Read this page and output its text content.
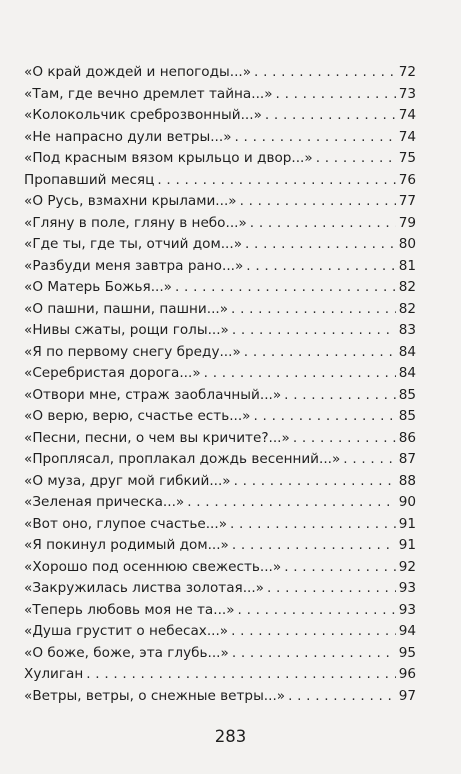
«О край дождей и непогоды...» . . .	72
«Там, где вечно дремлет тайна...» . . .	73
«Колокольчик среброзвонный...» . . .	74
«Не напрасно дули ветры...» . . .	74
«Под красным вязом крыльцо и двор...» . . .	75
Пропавший месяц . . .	76
«О Русь, взмахни крылами...» . . .	77
«Гляну в поле, гляну в небо...» . . .	79
«Где ты, где ты, отчий дом...» . . .	80
«Разбуди меня завтра рано...» . . .	81
«О Матерь Божья...» . . .	82
«О пашни, пашни, пашни...» . . .	82
«Нивы сжаты, рощи голы...» . . .	83
«Я по первому снегу бреду...» . . .	84
«Серебристая дорога...» . . .	84
«Отвори мне, страж заоблачный...» . . .	85
«О верю, верю, счастье есть...» . . .	85
«Песни, песни, о чем вы кричите?...» . . .	86
«Проплясал, проплакал дождь весенний...» . . .	87
«О муза, друг мой гибкий...» . . .	88
«Зеленая прическа...» . . .	90
«Вот оно, глупое счастье...» . . .	91
«Я покинул родимый дом...» . . .	91
«Хорошо под осеннюю свежесть...» . . .	92
«Закружилась листва золотая...» . . .	93
«Теперь любовь моя не та...» . . .	93
«Душа грустит о небесах...» . . .	94
«О боже, боже, эта глубь...» . . .	95
Хулиган . . .	96
«Ветры, ветры, о снежные ветры...» . . .	97
283
